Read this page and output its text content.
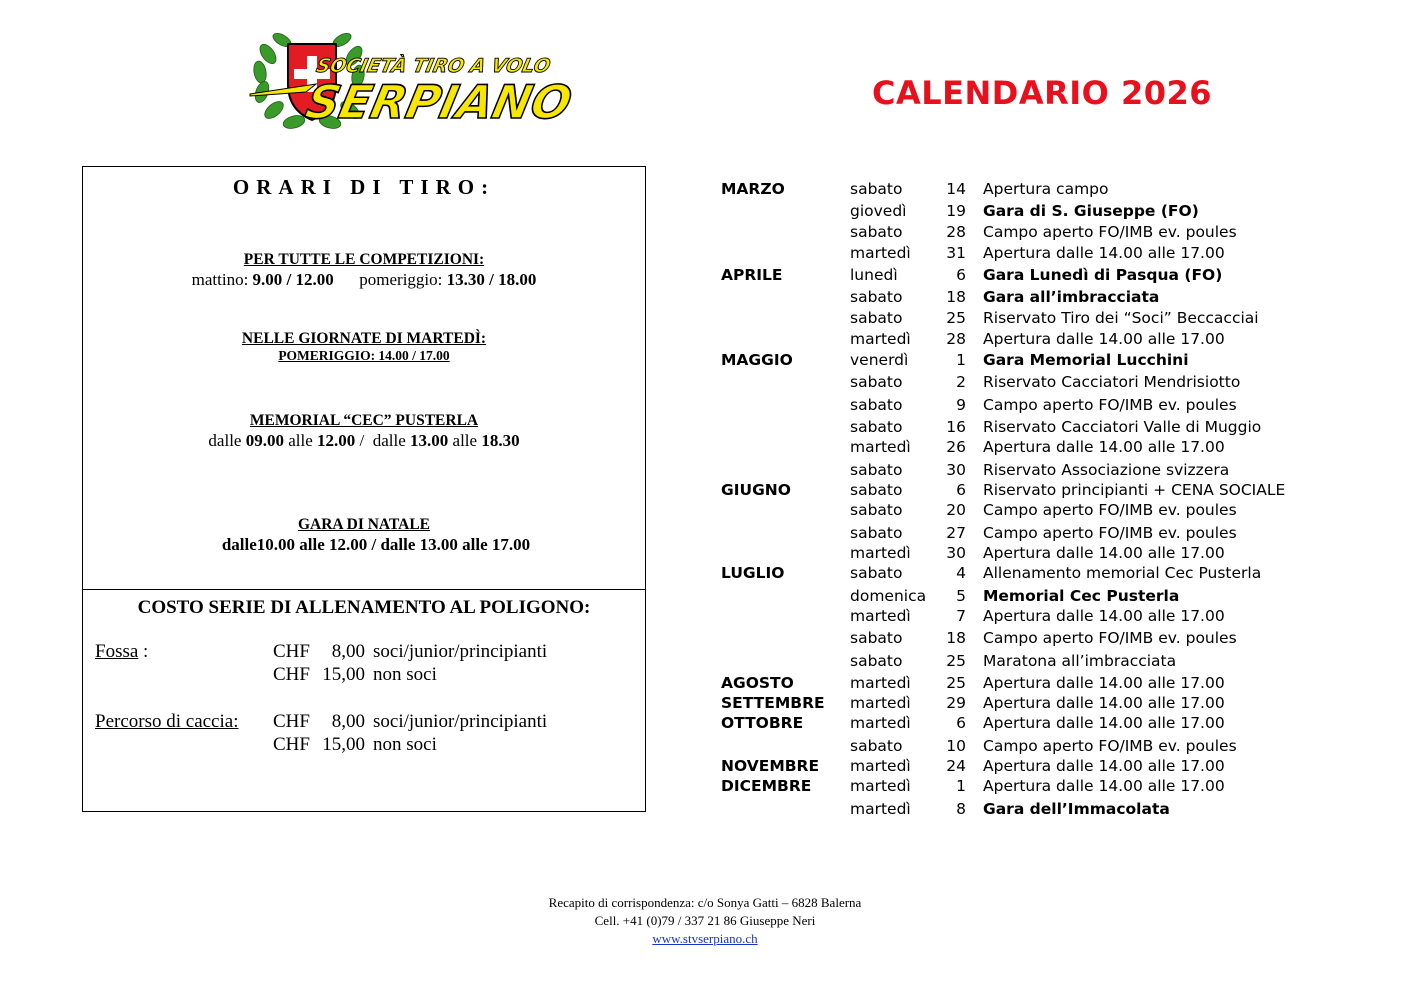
SOCIETÀ TIRO A VOLO
SERPIANO	CALENDARIO 2026
ORARI DI TIRO:
PER TUTTE LE COMPETIZIONI:
mattino: 9.00 / 12.00 pomeriggio: 13.30 / 18.00
NELLE GIORNATE DI MARTEDÌ:
POMERIGGIO: 14.00 / 17.00
MEMORIAL “CEC” PUSTERLA
dalle 09.00 alle 12.00 /  dalle 13.00 alle 18.30
GARA DI NATALE
dalle10.00 alle 12.00 / dalle 13.00 alle 17.00
COSTO SERIE DI ALLENAMENTO AL POLIGONO:
Fossa :	CHF	8,00 soci/junior/principianti
CHF 15,00 non soci
Percorso di caccia: CHF	8,00 soci/junior/principianti
CHF 15,00 non soci
MARZO	sabato	14 Apertura campo
giovedì	19 Gara di S. Giuseppe (FO)
sabato	28 Campo aperto FO/IMB ev. poules
martedì	31 Apertura dalle 14.00 alle 17.00
APRILE	lunedì	6 Gara Lunedì di Pasqua (FO)
sabato	18 Gara all’imbracciata
sabato	25 Riservato Tiro dei “Soci” Beccacciai
martedì	28 Apertura dalle 14.00 alle 17.00
MAGGIO	venerdì	1 Gara Memorial Lucchini
sabato	2 Riservato Cacciatori Mendrisiotto
sabato	9 Campo aperto FO/IMB ev. poules
sabato	16 Riservato Cacciatori Valle di Muggio
martedì	26 Apertura dalle 14.00 alle 17.00
sabato	30 Riservato Associazione svizzera
GIUGNO	sabato	6 Riservato principianti + CENA SOCIALE
sabato	20 Campo aperto FO/IMB ev. poules
sabato	27 Campo aperto FO/IMB ev. poules
martedì	30 Apertura dalle 14.00 alle 17.00
LUGLIO	sabato	4 Allenamento memorial Cec Pusterla
domenica	5 Memorial Cec Pusterla
martedì	7 Apertura dalle 14.00 alle 17.00
sabato	18 Campo aperto FO/IMB ev. poules
sabato	25 Maratona all’imbracciata
AGOSTO	martedì	25 Apertura dalle 14.00 alle 17.00
SETTEMBRE martedì	29 Apertura dalle 14.00 alle 17.00
OTTOBRE	martedì	6 Apertura dalle 14.00 alle 17.00
sabato	10 Campo aperto FO/IMB ev. poules
NOVEMBRE martedì	24 Apertura dalle 14.00 alle 17.00
DICEMBRE martedì	1 Apertura dalle 14.00 alle 17.00
martedì	8 Gara dell’Immacolata
Recapito di corrispondenza: c/o Sonya Gatti – 6828 Balerna
Cell. +41 (0)79 / 337 21 86 Giuseppe Neri
www.stvserpiano.ch
